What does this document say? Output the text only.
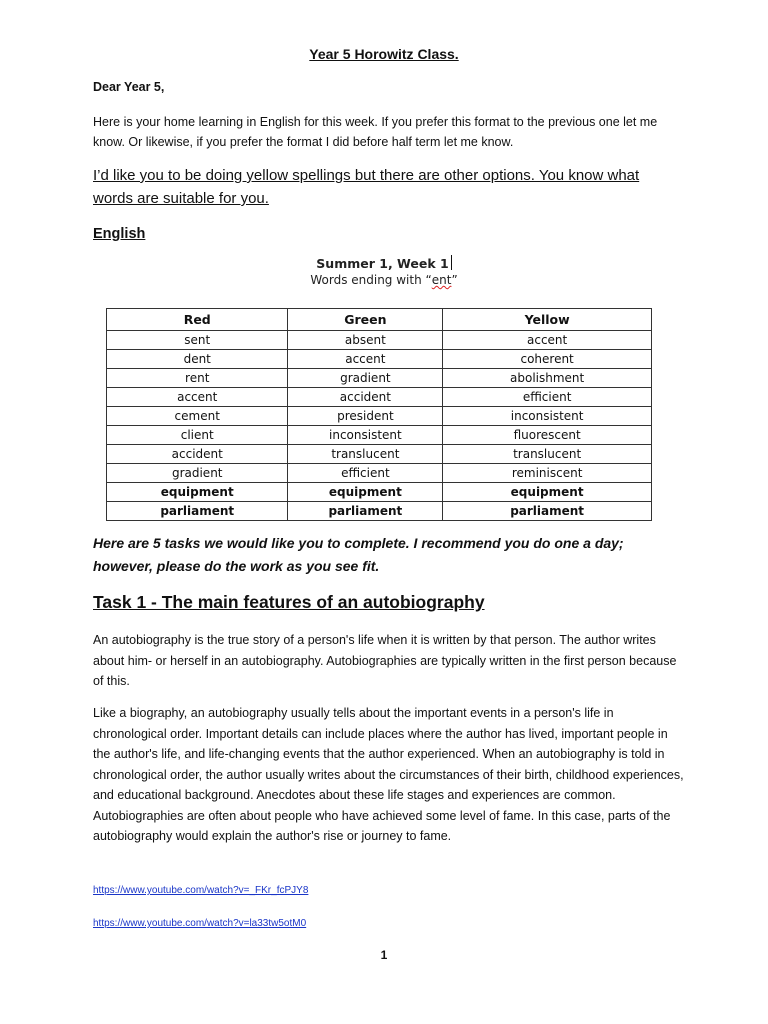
Year 5 Horowitz Class.

Dear Year 5,

Here is your home learning in English for this week. If you prefer this format to the previous one let me know. Or likewise, if you prefer the format I did before half term let me know.

I’d like you to be doing yellow spellings but there are other options. You know what words are suitable for you.

English

Summer 1, Week 1

Words ending with “ent”

Red	Green	Yellow
sent	absent	accent
dent	accent	coherent
rent	gradient	abolishment
accent	accident	efficient
cement	president	inconsistent
client	inconsistent	fluorescent
accident	translucent	translucent
gradient	efficient	reminiscent
equipment	equipment	equipment
parliament	parliament	parliament

Here are 5 tasks we would like you to complete. I recommend you do one a day; however, please do the work as you see fit.

Task 1 - The main features of an autobiography

An autobiography is the true story of a person's life when it is written by that person. The author writes about him- or herself in an autobiography. Autobiographies are typically written in the first person because of this.

Like a biography, an autobiography usually tells about the important events in a person's life in chronological order. Important details can include places where the author has lived, important people in the author's life, and life-changing events that the author experienced. When an autobiography is told in chronological order, the author usually writes about the circumstances of their birth, childhood experiences, and educational background. Anecdotes about these life stages and experiences are common. Autobiographies are often about people who have achieved some level of fame. In this case, parts of the autobiography would explain the author's rise or journey to fame.

https://www.youtube.com/watch?v=_FKr_fcPJY8
https://www.youtube.com/watch?v=la33tw5otM0

1
